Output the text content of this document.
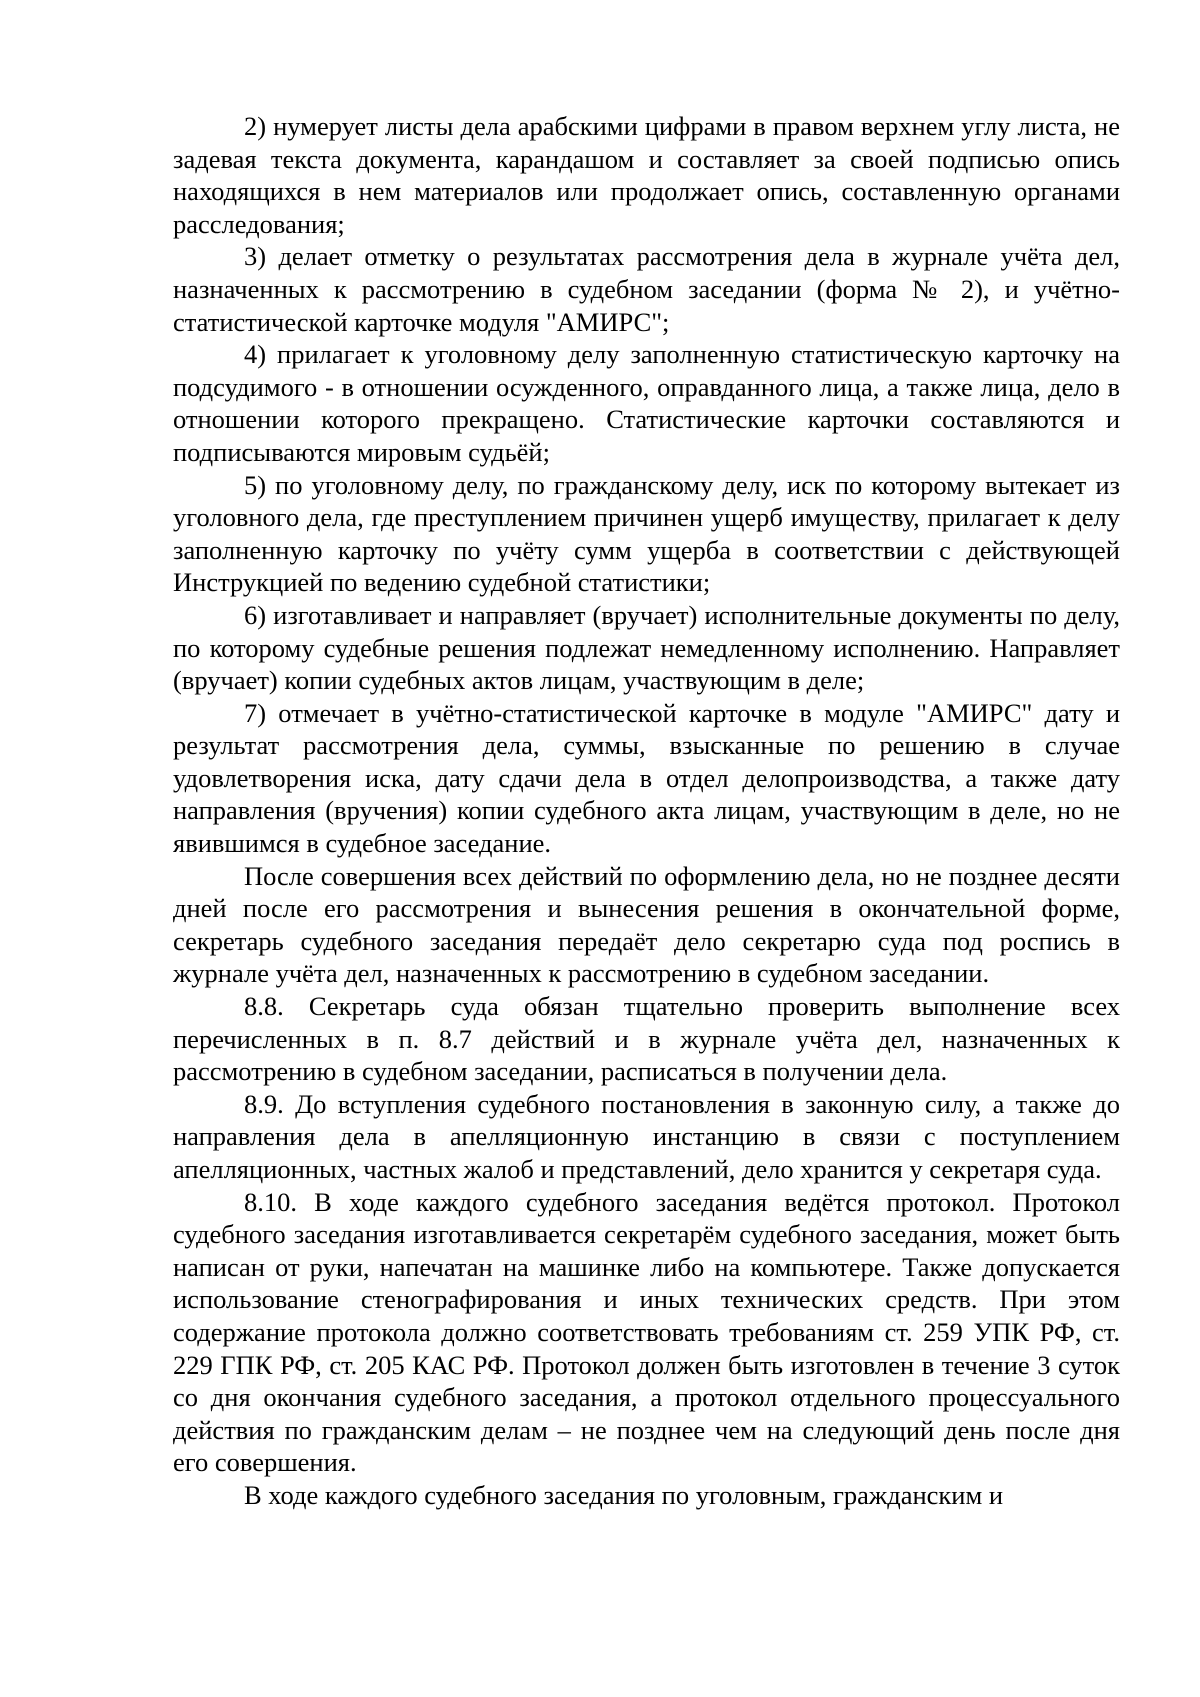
2) нумерует листы дела арабскими цифрами в правом верхнем углу листа, не задевая текста документа, карандашом и составляет за своей подписью опись находящихся в нем материалов или продолжает опись, составленную органами расследования;

3) делает отметку о результатах рассмотрения дела в журнале учёта дел, назначенных к рассмотрению в судебном заседании (форма № 2), и учётно-статистической карточке модуля "АМИРС";

4) прилагает к уголовному делу заполненную статистическую карточку на подсудимого - в отношении осужденного, оправданного лица, а также лица, дело в отношении которого прекращено. Статистические карточки составляются и подписываются мировым судьёй;

5) по уголовному делу, по гражданскому делу, иск по которому вытекает из уголовного дела, где преступлением причинен ущерб имуществу, прилагает к делу заполненную карточку по учёту сумм ущерба в соответствии с действующей Инструкцией по ведению судебной статистики;

6) изготавливает и направляет (вручает) исполнительные документы по делу, по которому судебные решения подлежат немедленному исполнению. Направляет (вручает) копии судебных актов лицам, участвующим в деле;

7) отмечает в учётно-статистической карточке в модуле "АМИРС" дату и результат рассмотрения дела, суммы, взысканные по решению в случае удовлетворения иска, дату сдачи дела в отдел делопроизводства, а также дату направления (вручения) копии судебного акта лицам, участвующим в деле, но не явившимся в судебное заседание.

После совершения всех действий по оформлению дела, но не позднее десяти дней после его рассмотрения и вынесения решения в окончательной форме, секретарь судебного заседания передаёт дело секретарю суда под роспись в журнале учёта дел, назначенных к рассмотрению в судебном заседании.

8.8. Секретарь суда обязан тщательно проверить выполнение всех перечисленных в п. 8.7 действий и в журнале учёта дел, назначенных к рассмотрению в судебном заседании, расписаться в получении дела.

8.9. До вступления судебного постановления в законную силу, а также до направления дела в апелляционную инстанцию в связи с поступлением апелляционных, частных жалоб и представлений, дело хранится у секретаря суда.

8.10. В ходе каждого судебного заседания ведётся протокол. Протокол судебного заседания изготавливается секретарём судебного заседания, может быть написан от руки, напечатан на машинке либо на компьютере. Также допускается использование стенографирования и иных технических средств. При этом содержание протокола должно соответствовать требованиям ст. 259 УПК РФ, ст. 229 ГПК РФ, ст. 205 КАС РФ. Протокол должен быть изготовлен в течение 3 суток со дня окончания судебного заседания, а протокол отдельного процессуального действия по гражданским делам – не позднее чем на следующий день после дня его совершения.

В ходе каждого судебного заседания по уголовным, гражданским и
